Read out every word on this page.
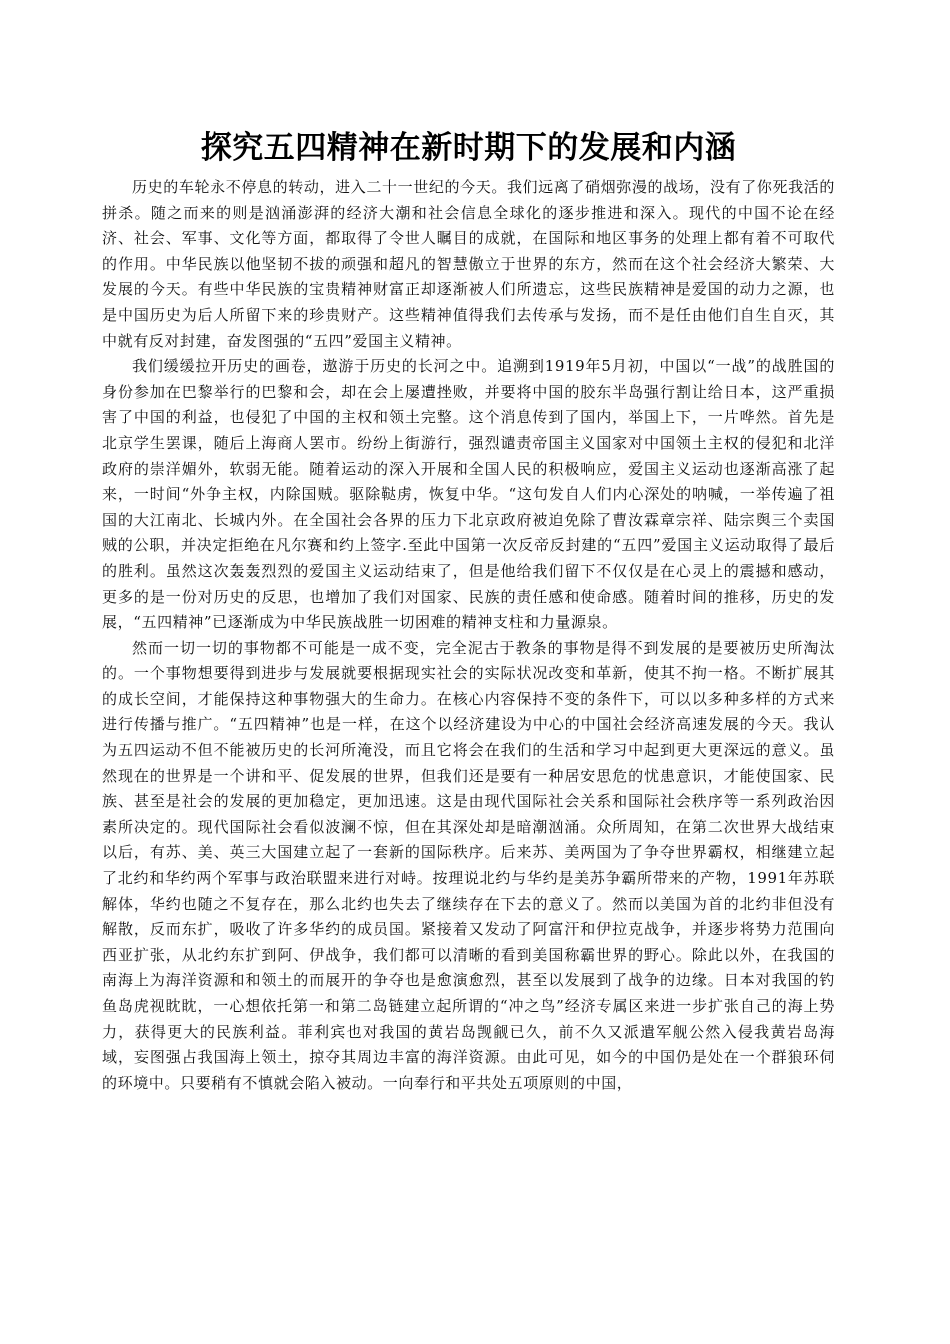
探究五四精神在新时期下的发展和内涵

历史的车轮永不停息的转动，进入二十一世纪的今天。我们远离了硝烟弥漫的战场，没有了你死我活的拼杀。随之而来的则是汹涌澎湃的经济大潮和社会信息全球化的逐步推进和深入。现代的中国不论在经济、社会、军事、文化等方面，都取得了令世人瞩目的成就，在国际和地区事务的处理上都有着不可取代的作用。中华民族以他坚韧不拔的顽强和超凡的智慧傲立于世界的东方，然而在这个社会经济大繁荣、大发展的今天。有些中华民族的宝贵精神财富正却逐渐被人们所遗忘，这些民族精神是爱国的动力之源，也是中国历史为后人所留下来的珍贵财产。这些精神值得我们去传承与发扬，而不是任由他们自生自灭，其中就有反对封建，奋发图强的“五四”爱国主义精神。

我们缓缓拉开历史的画卷，遨游于历史的长河之中。追溯到1919年5月初，中国以“一战”的战胜国的身份参加在巴黎举行的巴黎和会，却在会上屡遭挫败，并要将中国的胶东半岛强行割让给日本，这严重损害了中国的利益，也侵犯了中国的主权和领土完整。这个消息传到了国内，举国上下，一片哗然。首先是北京学生罢课，随后上海商人罢市。纷纷上街游行，强烈谴责帝国主义国家对中国领土主权的侵犯和北洋政府的崇洋媚外，软弱无能。随着运动的深入开展和全国人民的积极响应，爱国主义运动也逐渐高涨了起来，一时间“外争主权，内除国贼。驱除鞑虏，恢复中华。“这句发自人们内心深处的呐喊，一举传遍了祖国的大江南北、长城内外。在全国社会各界的压力下北京政府被迫免除了曹汝霖章宗祥、陆宗舆三个卖国贼的公职，并决定拒绝在凡尔赛和约上签字.至此中国第一次反帝反封建的“五四”爱国主义运动取得了最后的胜利。虽然这次轰轰烈烈的爱国主义运动结束了，但是他给我们留下不仅仅是在心灵上的震撼和感动，更多的是一份对历史的反思，也增加了我们对国家、民族的责任感和使命感。随着时间的推移，历史的发展，“五四精神”已逐渐成为中华民族战胜一切困难的精神支柱和力量源泉。

然而一切一切的事物都不可能是一成不变，完全泥古于教条的事物是得不到发展的是要被历史所淘汰的。一个事物想要得到进步与发展就要根据现实社会的实际状况改变和革新，使其不拘一格。不断扩展其的成长空间，才能保持这种事物强大的生命力。在核心内容保持不变的条件下，可以以多种多样的方式来进行传播与推广。“五四精神”也是一样，在这个以经济建设为中心的中国社会经济高速发展的今天。我认为五四运动不但不能被历史的长河所淹没，而且它将会在我们的生活和学习中起到更大更深远的意义。虽然现在的世界是一个讲和平、促发展的世界，但我们还是要有一种居安思危的忧患意识，才能使国家、民族、甚至是社会的发展的更加稳定，更加迅速。这是由现代国际社会关系和国际社会秩序等一系列政治因素所决定的。现代国际社会看似波澜不惊，但在其深处却是暗潮汹涌。众所周知，在第二次世界大战结束以后，有苏、美、英三大国建立起了一套新的国际秩序。后来苏、美两国为了争夺世界霸权，相继建立起了北约和华约两个军事与政治联盟来进行对峙。按理说北约与华约是美苏争霸所带来的产物，1991年苏联解体，华约也随之不复存在，那么北约也失去了继续存在下去的意义了。然而以美国为首的北约非但没有解散，反而东扩，吸收了许多华约的成员国。紧接着又发动了阿富汗和伊拉克战争，并逐步将势力范围向西亚扩张，从北约东扩到阿、伊战争，我们都可以清晰的看到美国称霸世界的野心。除此以外，在我国的南海上为海洋资源和和领土的而展开的争夺也是愈演愈烈，甚至以发展到了战争的边缘。日本对我国的钓鱼岛虎视眈眈，一心想依托第一和第二岛链建立起所谓的“冲之鸟”经济专属区来进一步扩张自己的海上势力，获得更大的民族利益。菲利宾也对我国的黄岩岛觊觎已久，前不久又派遣军舰公然入侵我黄岩岛海域，妄图强占我国海上领土，掠夺其周边丰富的海洋资源。由此可见，如今的中国仍是处在一个群狼环伺的环境中。只要稍有不慎就会陷入被动。一向奉行和平共处五项原则的中国，
